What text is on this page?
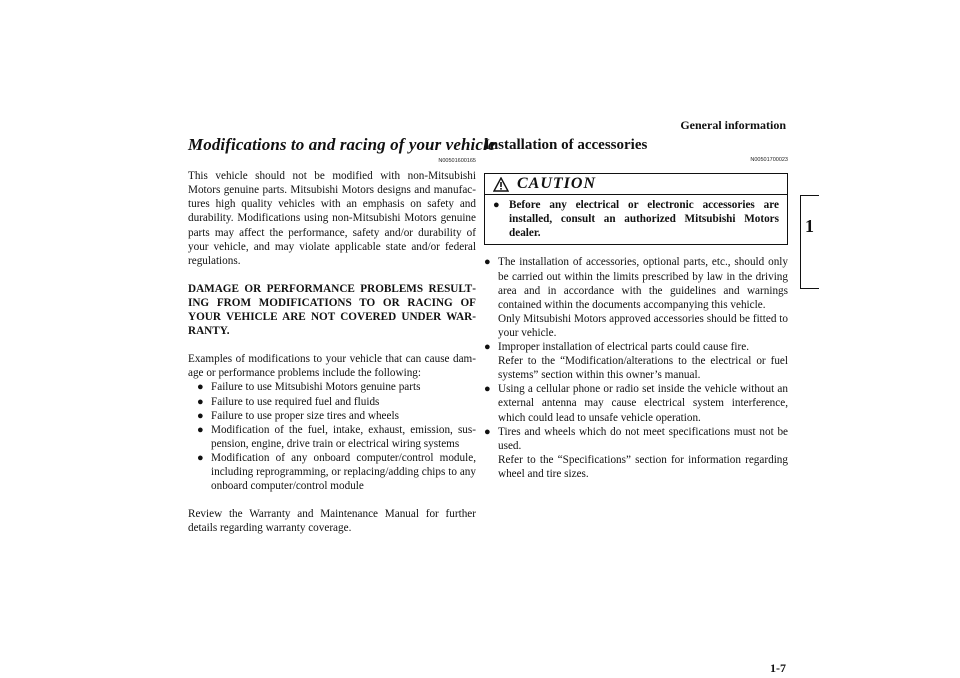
General information
1
Modifications to and racing of your vehicle
N00501600165

This vehicle should not be modified with non-Mitsubishi Motors genuine parts. Mitsubishi Motors designs and manufactures high quality vehicles with an emphasis on safety and durability. Modifications using non-Mitsubishi Motors genuine parts may affect the performance, safety and/or durability of your vehicle, and may violate applicable state and/or federal regulations.

DAMAGE OR PERFORMANCE PROBLEMS RESULTING FROM MODIFICATIONS TO OR RACING OF YOUR VEHICLE ARE NOT COVERED UNDER WARRANTY.

Examples of modifications to your vehicle that can cause damage or performance problems include the following:

● Failure to use Mitsubishi Motors genuine parts
● Failure to use required fuel and fluids
● Failure to use proper size tires and wheels
● Modification of the fuel, intake, exhaust, emission, suspension, engine, drive train or electrical wiring systems
● Modification of any onboard computer/control module, including reprogramming, or replacing/adding chips to any onboard computer/control module

Review the Warranty and Maintenance Manual for further details regarding warranty coverage.

Installation of accessories
N00501700023
CAUTION
● Before any electrical or electronic accessories are installed, consult an authorized Mitsubishi Motors dealer.
● The installation of accessories, optional parts, etc., should only be carried out within the limits prescribed by law in the driving area and in accordance with the guidelines and warnings contained within the documents accompanying this vehicle.
Only Mitsubishi Motors approved accessories should be fitted to your vehicle.
● Improper installation of electrical parts could cause fire.
Refer to the “Modification/alterations to the electrical or fuel systems” section within this owner’s manual.
● Using a cellular phone or radio set inside the vehicle without an external antenna may cause electrical system interference, which could lead to unsafe vehicle operation.
● Tires and wheels which do not meet specifications must not be used.
Refer to the “Specifications” section for information regarding wheel and tire sizes.
1-7
